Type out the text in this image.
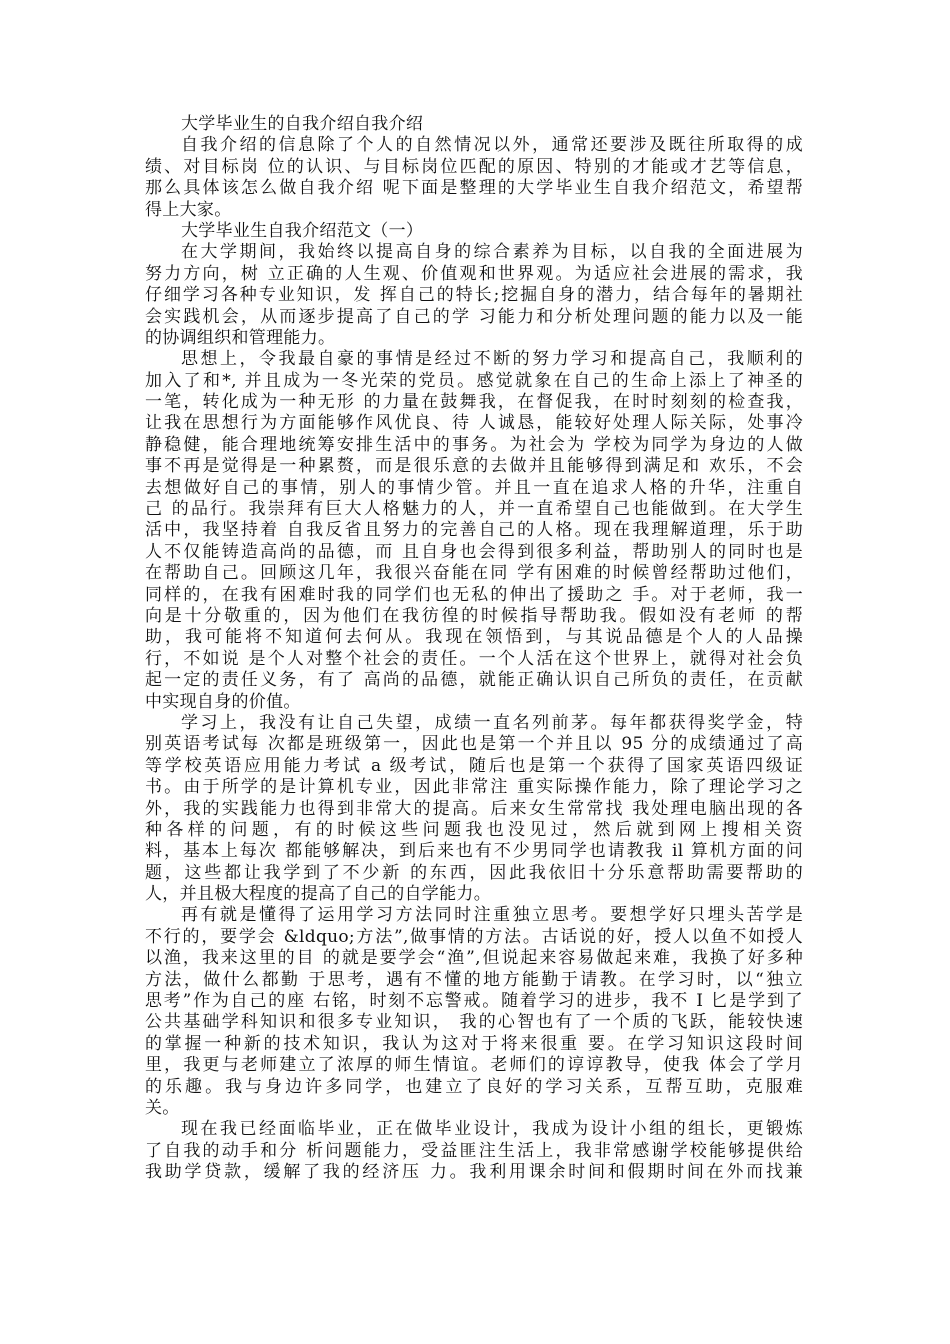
大学毕业生的自我介绍自我介绍
自我介绍的信息除了个人的自然情况以外，通常还要涉及既往所取得的成
绩、对目标岗 位的认识、与目标岗位匹配的原因、特别的才能或才艺等信息，
那么具体该怎么做自我介绍 呢下面是整理的大学毕业生自我介绍范文，希望帮
得上大家。
大学毕业生自我介绍范文（一）
在大学期间，我始终以提高自身的综合素养为目标，以自我的全面进展为
努力方向，树 立正确的人生观、价值观和世界观。为适应社会进展的需求，我
仔细学习各种专业知识，发 挥自己的特长;挖掘自身的潜力，结合每年的暑期社
会实践机会，从而逐步提高了自己的学 习能力和分析处理问题的能力以及一能
的协调组织和管理能力。
思想上，令我最自豪的事情是经过不断的努力学习和提高自己，我顺利的
加入了和*, 并且成为一冬光荣的党员。感觉就象在自己的生命上添上了神圣的
一笔，转化成为一种无形 的力量在鼓舞我，在督促我，在时时刻刻的检查我，
让我在思想行为方面能够作风优良、待 人诚恳，能较好处理人际关际，处事冷
静稳健，能合理地统筹安排生活中的事务。为社会为 学校为同学为身边的人做
事不再是觉得是一种累赘，而是很乐意的去做并且能够得到满足和 欢乐，不会
去想做好自己的事情，别人的事情少管。并且一直在追求人格的升华，注重自
己 的品行。我崇拜有巨大人格魅力的人，并一直希望自己也能做到。在大学生
活中，我坚持着 自我反省且努力的完善自己的人格。现在我理解道理，乐于助
人不仅能铸造高尚的品德，而 且自身也会得到很多利益，帮助别人的同时也是
在帮助自己。回顾这几年，我很兴奋能在同 学有困难的时候曾经帮助过他们，
同样的，在我有困难时我的同学们也无私的伸出了援助之 手。对于老师，我一
向是十分敬重的，因为他们在我彷徨的时候指导帮助我。假如没有老师 的帮
助，我可能将不知道何去何从。我现在领悟到，与其说品德是个人的人品操
行，不如说 是个人对整个社会的责任。一个人活在这个世界上，就得对社会负
起一定的责任义务，有了 高尚的品德，就能正确认识自己所负的责任，在贡献
中实现自身的价值。
学习上，我没有让自己失望，成绩一直名列前茅。每年都获得奖学金，特
别英语考试每 次都是班级第一，因此也是第一个并且以 95 分的成绩通过了高
等学校英语应用能力考试 a 级考试，随后也是第一个获得了国家英语四级证
书。由于所学的是计算机专业，因此非常注 重实际操作能力，除了理论学习之
外，我的实践能力也得到非常大的提高。后来女生常常找 我处理电脑出现的各
种各样的问题，有的时候这些问题我也没见过，然后就到网上搜相关资
料，基本上每次 都能够解决，到后来也有不少男同学也请教我 il 算机方面的问
题，这些都让我学到了不少新 的东西，因此我依旧十分乐意帮助需要帮助的
人，并且极大程度的提高了自己的自学能力。
再有就是懂得了运用学习方法同时注重独立思考。要想学好只埋头苦学是
不行的，要学会 &ldquo;方法”,做事情的方法。古话说的好，授人以鱼不如授人
以渔，我来这里的目 的就是要学会“渔”,但说起来容易做起来难，我换了好多种
方法，做什么都勤 于思考，遇有不懂的地方能勤于请教。在学习时，以“独立
思考”作为自己的座 右铭，时刻不忘警戒。随着学习的进步，我不 I 匕是学到了
公共基础学科知识和很多专业知识， 我的心智也有了一个质的飞跃，能较快速
的掌握一种新的技术知识，我认为这对于将来很重 要。在学习知识这段时间
里，我更与老师建立了浓厚的师生情谊。老师们的谆谆教导，使我 体会了学月
的乐趣。我与身边许多同学，也建立了良好的学习关系，互帮互助，克服难
关。
现在我已经面临毕业，正在做毕业设计，我成为设计小组的组长，更锻炼
了自我的动手和分 析问题能力，受益匪注生活上，我非常感谢学校能够提供给
我助学贷款，缓解了我的经济压 力。我利用课余时间和假期时间在外而找兼
